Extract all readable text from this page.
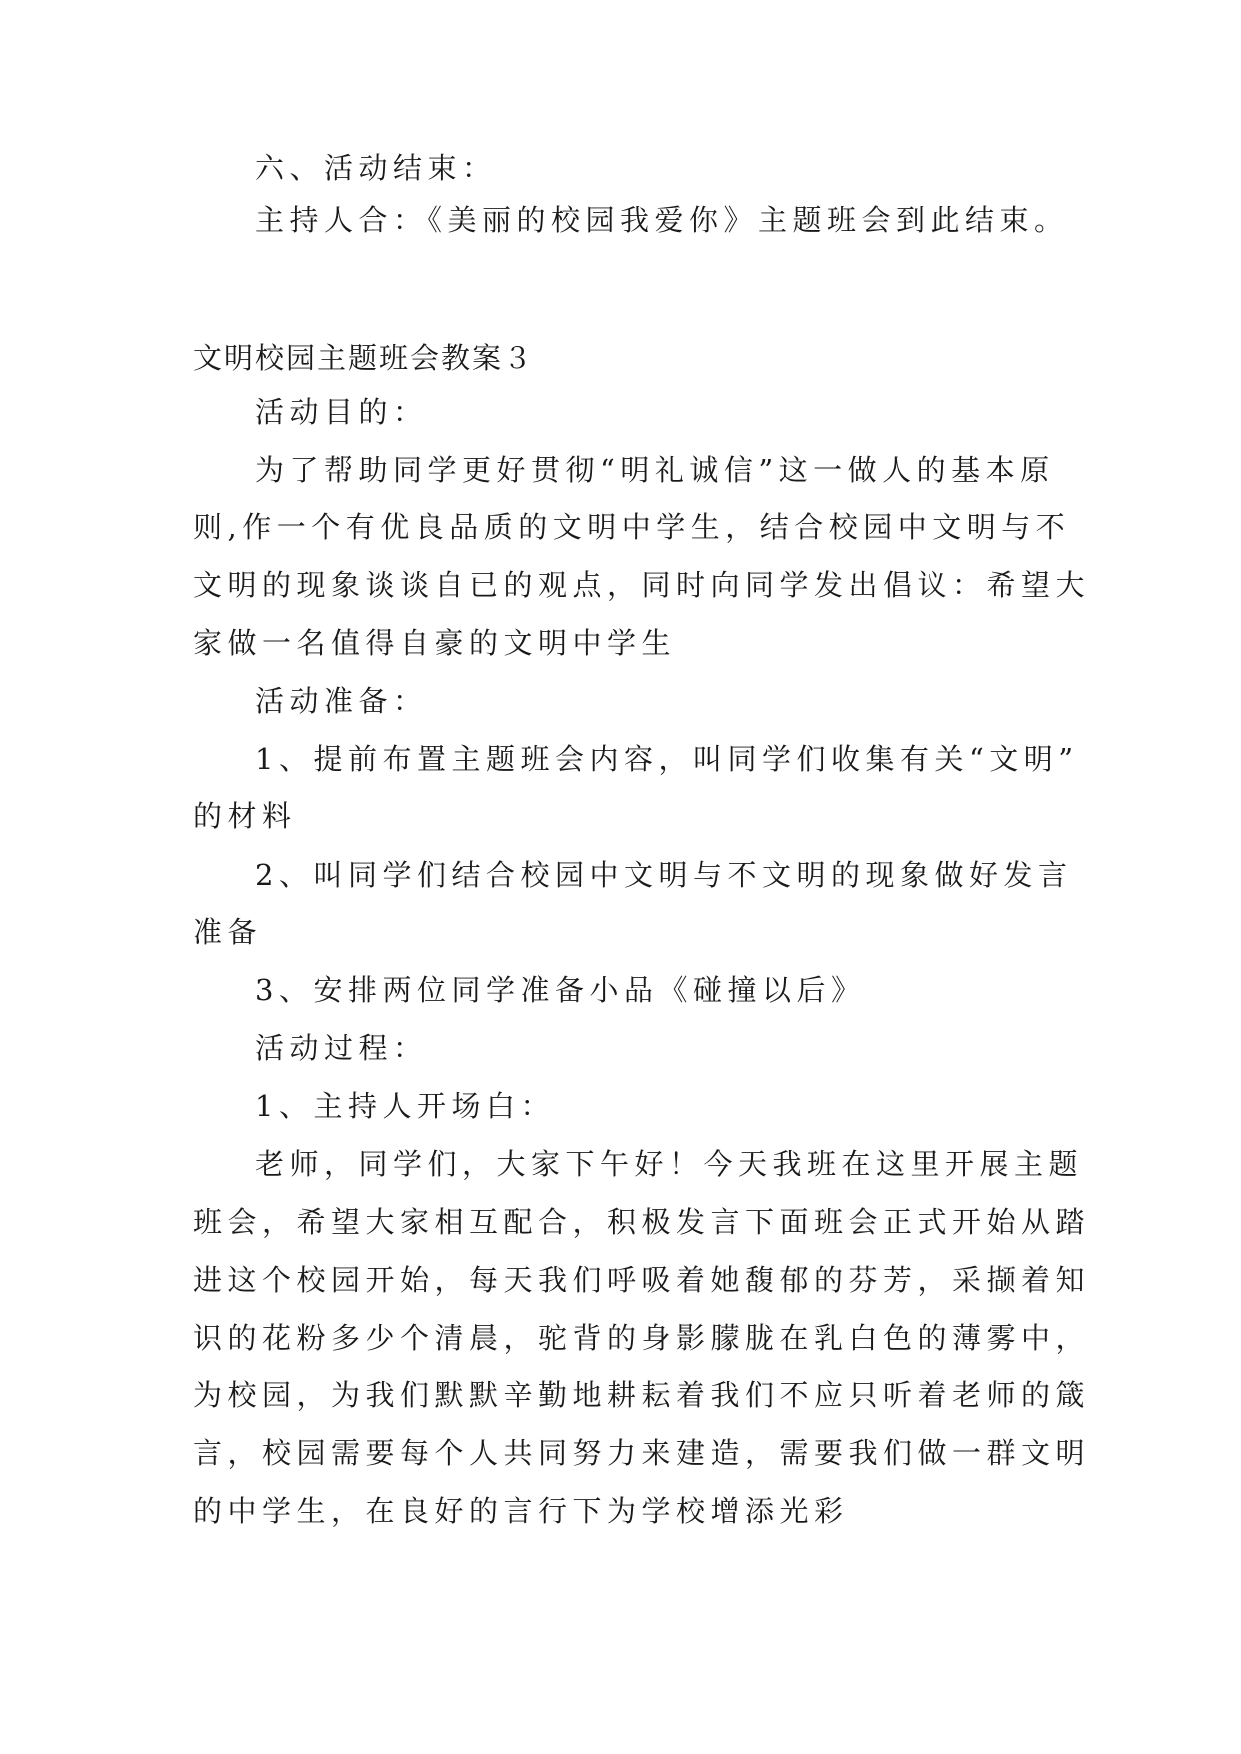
六、活动结束：
主持人合：《美丽的校园我爱你》主题班会到此结束。
文明校园主题班会教案３
活动目的：
为了帮助同学更好贯彻“明礼诚信”这一做人的基本原
则,作一个有优良品质的文明中学生，结合校园中文明与不
文明的现象谈谈自已的观点，同时向同学发出倡议：希望大
家做一名值得自豪的文明中学生
活动准备：
1、提前布置主题班会内容，叫同学们收集有关“文明”
的材料
2、叫同学们结合校园中文明与不文明的现象做好发言
准备
3、安排两位同学准备小品《碰撞以后》
活动过程：
1、主持人开场白：
老师，同学们，大家下午好！今天我班在这里开展主题
班会，希望大家相互配合，积极发言下面班会正式开始从踏
进这个校园开始，每天我们呼吸着她馥郁的芬芳，采撷着知
识的花粉多少个清晨，驼背的身影朦胧在乳白色的薄雾中，
为校园，为我们默默辛勤地耕耘着我们不应只听着老师的箴
言，校园需要每个人共同努力来建造，需要我们做一群文明
的中学生，在良好的言行下为学校增添光彩
